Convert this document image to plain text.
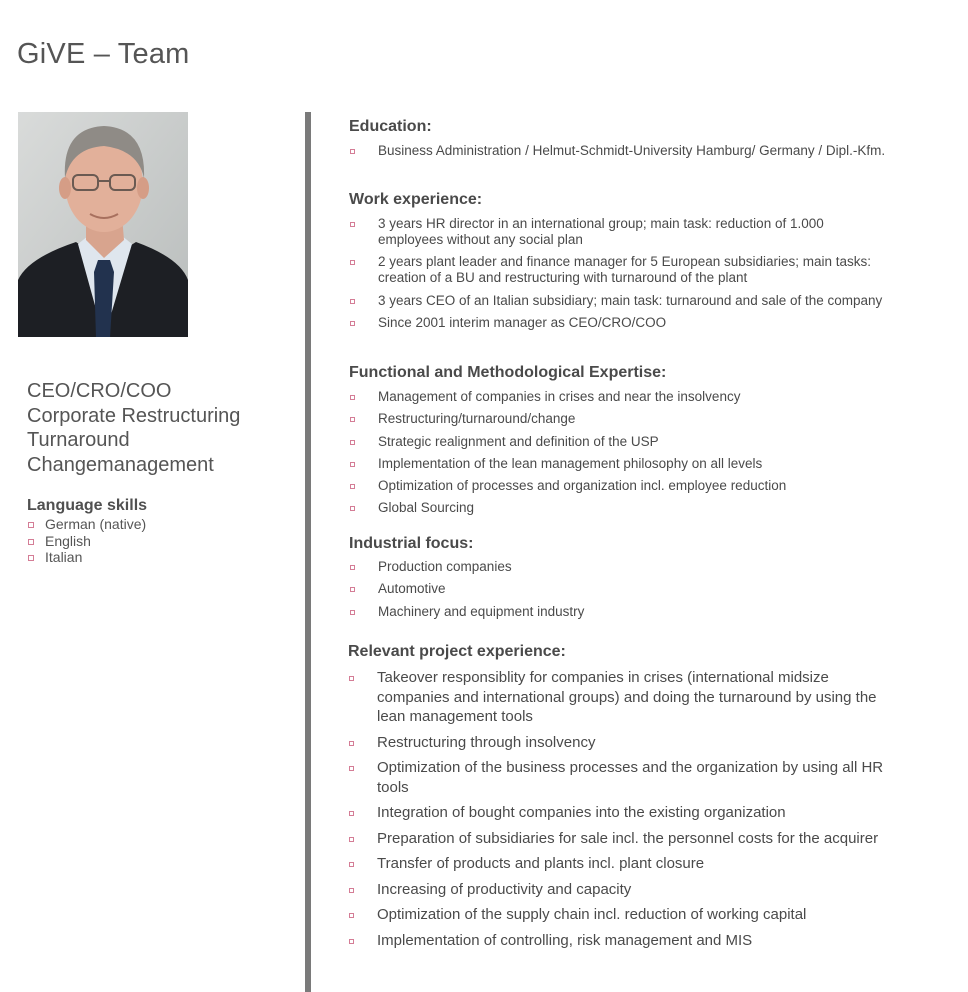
GiVE – Team
CEO/CRO/COO
Corporate Restructuring
Turnaround
Changemanagement
Language skills
German (native)
English
Italian
Education:
Business Administration / Helmut-Schmidt-University Hamburg/ Germany / Dipl.-Kfm.
Work experience:
3 years HR director in an international group; main task: reduction of 1.000 employees without any social plan
2 years plant leader and finance manager for 5 European subsidiaries; main tasks: creation of a BU and restructuring with turnaround of the plant
3 years CEO of an Italian subsidiary; main task: turnaround and sale of the company
Since 2001 interim manager as CEO/CRO/COO
Functional and Methodological Expertise:
Management of companies in crises and near the insolvency
Restructuring/turnaround/change
Strategic realignment and definition of the USP
Implementation of the lean management philosophy on all levels
Optimization of processes and organization incl. employee reduction
Global Sourcing
Industrial focus:
Production companies
Automotive
Machinery and equipment industry
Relevant project experience:
Takeover responsiblity for companies in crises (international midsize companies and international groups) and doing the turnaround by using the lean management tools
Restructuring through insolvency
Optimization of the business processes and the organization by using all HR tools
Integration of bought companies into the existing organization
Preparation of subsidiaries for sale incl. the personnel costs for the acquirer
Transfer of products and plants incl. plant closure
Increasing of productivity and capacity
Optimization of the supply chain incl. reduction of working capital
Implementation of controlling, risk management and MIS
